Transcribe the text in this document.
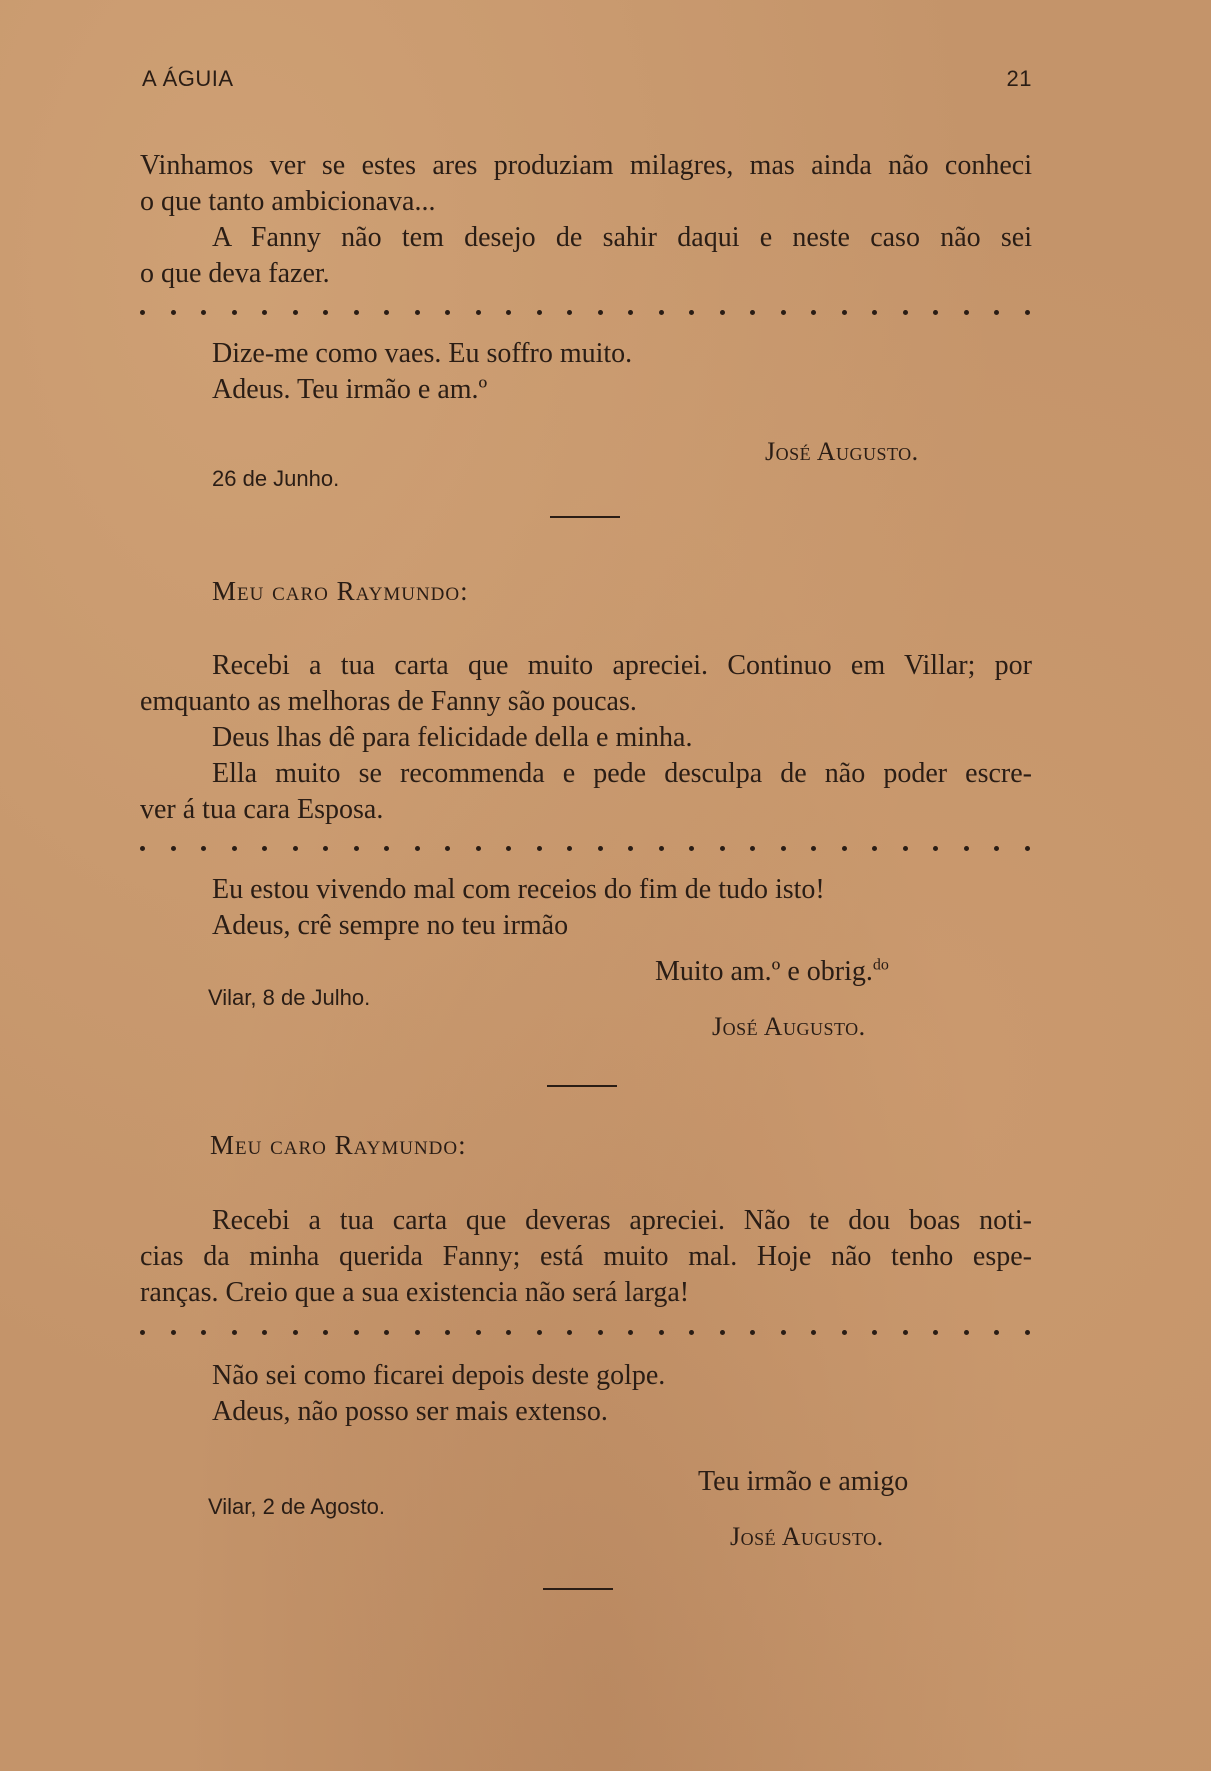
A ÁGUIA	21
Vinhamos ver se estes ares produziam milagres, mas ainda não conheci
o que tanto ambicionava...
A Fanny não tem desejo de sahir daqui e neste caso não sei
o que deva fazer.
Dize-me como vaes. Eu soffro muito.
Adeus. Teu irmão e am.º
José Augusto.
26 de Junho.
Meu caro Raymundo:
Recebi a tua carta que muito apreciei. Continuo em Villar; por
emquanto as melhoras de Fanny são poucas.
Deus lhas dê para felicidade della e minha.
Ella muito se recommenda e pede desculpa de não poder escre-
ver á tua cara Esposa.
Eu estou vivendo mal com receios do fim de tudo isto!
Adeus, crê sempre no teu irmão
Muito am.º e obrig.$^{do}$
Vilar, 8 de Julho.
José Augusto.
Meu caro Raymundo:
Recebi a tua carta que deveras apreciei. Não te dou boas noti-
cias da minha querida Fanny; está muito mal. Hoje não tenho espe-
ranças. Creio que a sua existencia não será larga!
Não sei como ficarei depois deste golpe.
Adeus, não posso ser mais extenso.
Teu irmão e amigo
Vilar, 2 de Agosto.
José Augusto.
